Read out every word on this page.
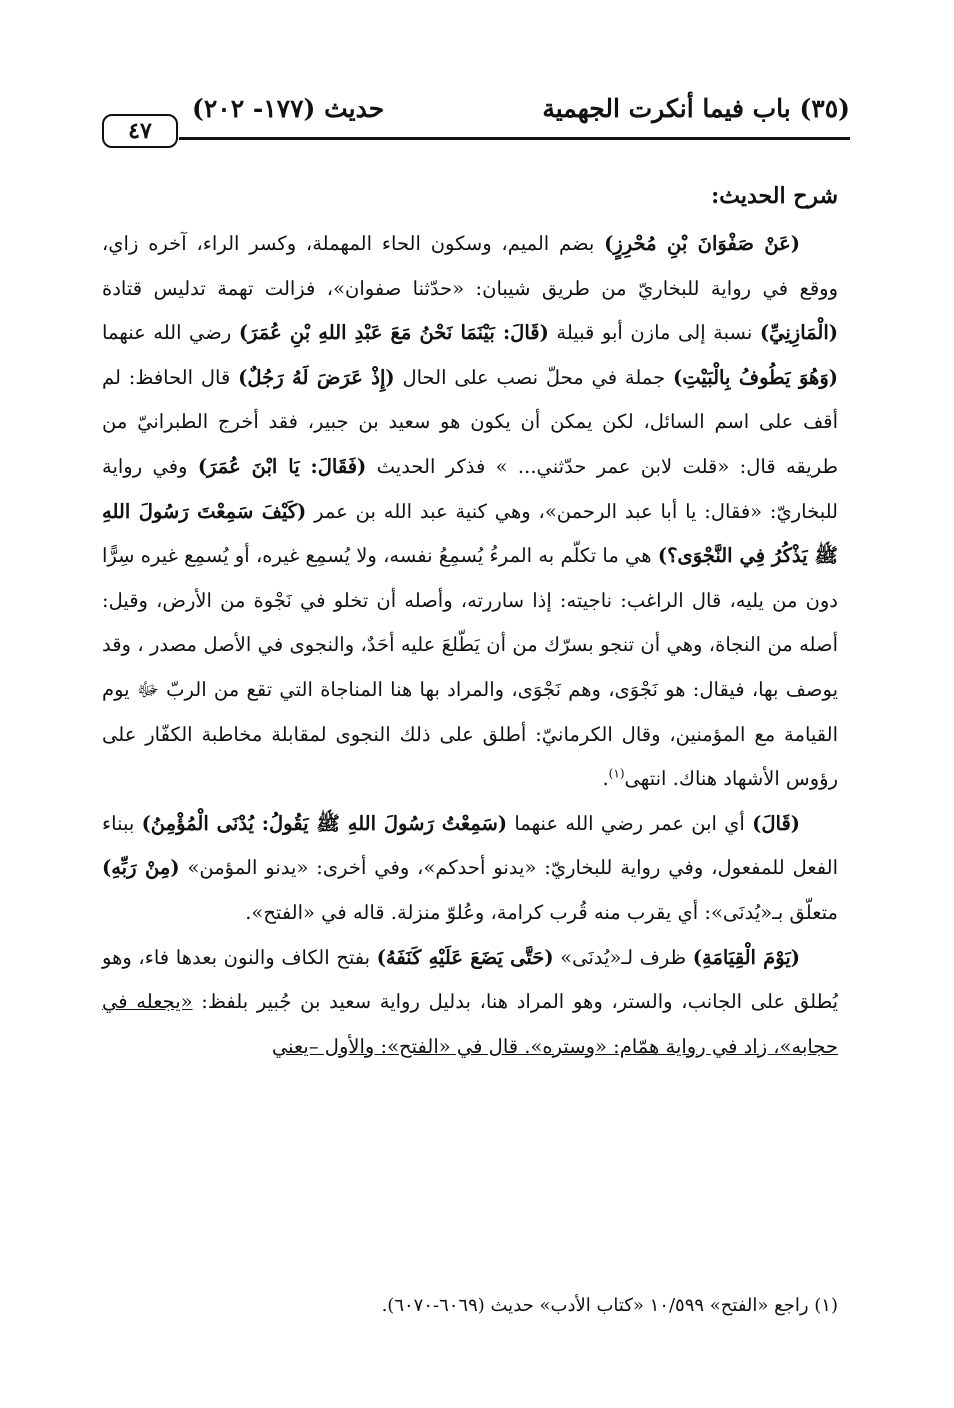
(٣٥) باب فيما أنكرت الجهمية
حديث (١٧٧- ٢٠٢)
٤٧
شرح الحديث:

(عَنْ صَفْوَانَ بْنِ مُحْرِزٍ) بضم الميم، وسكون الحاء المهملة، وكسر الراء، آخره زاي، ووقع في رواية للبخاريّ من طريق شيبان: «حدّثنا صفوان»، فزالت تهمة تدليس قتادة (الْمَازِنِيِّ) نسبة إلى مازن أبو قبيلة (قَالَ: بَيْنَمَا نَحْنُ مَعَ عَبْدِ اللهِ بْنِ عُمَرَ) رضي الله عنهما (وَهُوَ يَطُوفُ بِالْبَيْتِ) جملة في محلّ نصب على الحال (إِذْ عَرَضَ لَهُ رَجُلٌ) قال الحافظ: لم أقف على اسم السائل، لكن يمكن أن يكون هو سعيد بن جبير، فقد أخرج الطبرانيّ من طريقه قال: «قلت لابن عمر حدّثني... » فذكر الحديث (فَقَالَ: يَا ابْنَ عُمَرَ) وفي رواية للبخاريّ: «فقال: يا أبا عبد الرحمن»، وهي كنية عبد الله بن عمر (كَيْفَ سَمِعْتَ رَسُولَ اللهِ ﷺ يَذْكُرُ فِي النَّجْوَى؟) هي ما تكلّم به المرءُ يُسمِعُ نفسه، ولا يُسمِع غيره، أو يُسمِع غيره سِرًّا دون من يليه، قال الراغب: ناجيته: إذا ساررته، وأصله أن تخلو في نَجْوة من الأرض، وقيل: أصله من النجاة، وهي أن تنجو بسرّك من أن يَطّلعَ عليه أحَدٌ، والنجوى في الأصل مصدر ، وقد يوصف بها، فيقال: هو نَجْوَى، وهم نَجْوَى، والمراد بها هنا المناجاة التي تقع من الربّ ﷻ يوم القيامة مع المؤمنين، وقال الكرمانيّ: أطلق على ذلك النجوى لمقابلة مخاطبة الكفّار على رؤوس الأشهاد هناك. انتهى$^{(١)}$.

(قَالَ) أي ابن عمر رضي الله عنهما (سَمِعْتُ رَسُولَ اللهِ ﷺ يَقُولُ: يُدْنَى الْمُؤْمِنُ) ببناء الفعل للمفعول، وفي رواية للبخاريّ: «يدنو أحدكم»، وفي أخرى: «يدنو المؤمن» (مِنْ رَبِّهِ) متعلّق بـ«يُدنَى»: أي يقرب منه قُرب كرامة، وعُلوّ منزلة. قاله في «الفتح».

(يَوْمَ الْقِيَامَةِ) ظرف لـ«يُدنَى» (حَتَّى يَضَعَ عَلَيْهِ كَنَفَهُ) بفتح الكاف والنون بعدها فاء، وهو يُطلق على الجانب، والستر، وهو المراد هنا، بدليل رواية سعيد بن جُبير بلفظ: «يجعله في حجابه»، زاد في رواية همّام: «وستره». قال في «الفتح»: والأول –يعني

(١) راجع «الفتح» ١٠/٥٩٩ «كتاب الأدب» حديث (٦٠٦٩-٦٠٧٠).
